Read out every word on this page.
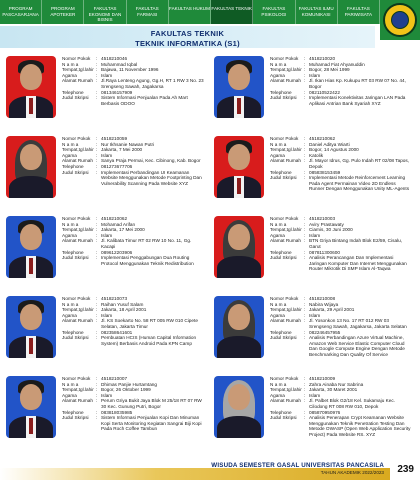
PROGRAM PASCASARJANA
PROGRAM APOTEKER
FAKULTAS EKONOMI DAN BISNIS
FAKULTAS FARMASI
FAKULTAS HUKUM FAKULTAS TEKNIK	FAKULTAS PSIKOLOGI
FAKULTAS ILMU KOMUNIKASI
FAKULTAS PARIWISATA
FAKULTAS TEKNIK
TEKNIK INFORMATIKA (S1)
Nomor Pokok	: 4518210046
N a m a	: Muhammad Iqbal
Tempat,tgl.lahir : Bajawa, 11 November 1996
Agama	: Islam
Alamat Rumah : Jl.Raya Lenteng Agung, Gg.H, RT 1 RW 3 No. 23 Srengseng Sawah, Jagakarsa
Telephone	: 081346157909
Judul Skripsi	: Sistem Informasi Penjualan Pada Ah Mart Berbasis ODOO
Nomor Pokok	: 4518210020
N a m a	: Muhamad Fiat Ahyanuddin
Tempat,tgl.lahir : Bogor, 28 Mei 1999
Agama	: Islam
Alamat Rumah : Jl. Ikan Hias Kp. Kukupu RT 03 RW 07 No. 44, Bogor
Telephone	: 082110522422
Judul Skripsi	: Implementasi Konektivitas Jaringan LAN Pada Aplikasi Antrian Bank Syariah XYZ
Nomor Pokok	: 4518210059
N a m a	: Nur Ikhsanie Nawan Putri
Tempat,tgl.lahir : Jakarta, 7 Mei 2000
Agama	: Islam
Alamat Rumah : Sanya Praja Permai, Kec. Cibinong, Kab. Bogor
Telephone	: 081273677706
Judul Skripsi	: Implementasi Perbandingan UI Keamanan Website Menggunakan Metode Footprinting Dan Vulnerability Scanning Pada Website XYZ
Nomor Pokok	: 4518210062
N a m a	: Daniel Aditya Wiarti
Tempat,tgl.lahir : Bogor, 14 Agustus 2000
Agama	: Katolik
Alamat Rumah : Jl. Mayor Idrus, Gg. Pulo Indah RT 02/08 Tapos, Depok
Telephone	: 085838153459
Judul Skripsi	: Implementasi Metode Reinforcement Learning Pada Agent Permainan Video 2D Endless Runner Dengan Menggunakan Unity ML-Agents
Nomor Pokok	: 4518210062
N a m a	: Mohamad Arifan
Tempat,tgl.lahir : Jakarta, 17 Mei 2000
Agama	: Islam
Alamat Rumah : Jl. Kalibata Timur RT 02 RW 10 No. 11, Gg. Kacapi
Telephone	: 089612203906
Judul Skripsi	: Implementasi Penggabungan Dua Routing Protocol Menggunakan Teknik Redistribution
Nomor Pokok	: 4518210003
N a m a	: Aviry Prastawaty
Tempat,tgl.lahir : Ciamis, 30 Juni 2000
Agama	: Islam
Alamat Rumah : BTN Griya Bintang Indah Blok E2/59, Cisalu, Garut
Telephone	: 087811300600
Judul Skripsi	: Analisis Perancangan Dan Implementasi Jaringan Komputer Dan Internet Menggunakan Router Mikrotik Di SMP Islam Al-Taqwa
Nomor Pokok	: 4518210073
N a m a	: Raihan Yusuf Salam
Tempat,tgl.lahir : Jakarta, 18 April 2001
Agama	: Islam
Alamat Rumah : Jl. KS Soekarto No. 58 RT 005 RW 010 Cipete Selatan, Jakarta Timur
Telephone	: 082358641601
Judul Skripsi	: Pembuatan HCIS (Human Capital Information System) Berbasis Android Pada KPN Camp
Nomor Pokok	: 4518210008
N a m a	: Nabira Wijaya
Tempat,tgl.lahir : Jakarta, 29 April 2001
Agama	: Islam
Alamat Rumah : Jl. Yosonkon 13 No. 17 RT 012 RW 03 Srengseng Sawah, Jagakarsa, Jakarta Selatan
Telephone	: 082246457955
Judul Skripsi	: Analisis Perbandingan Azure Virtual Machine, Amazon Web Service Elastic Computer Cloud Dan Google Compute Engine Dengan Metode Benchmarking Dan Quality Of Service
Nomor Pokok	: 4518210007
N a m a	: Dhimas Panjie Hurtamtang
Tempat,tgl.lahir : Bogor, 26 Oktober 1999
Agama	: Islam
Alamat Rumah : Perum Griya Bukit Jaya Blok M 25/18 RT 07 RW 30 Kec. Gunung Putri, Bogor
Telephone	: 083818035985
Judul Skripsi	: Sistem Informasi Penjualan Kopi Dan Minuman Kopi Serta Monitoring Kegiatan Sangrai Biji Kopi Pada Roch Coffee Tambun
Nomor Pokok	: 4518210009
N a m a	: Zahra Ainaba Nur Sabrina
Tempat,tgl.lahir : Jakarta, 30 Maret 2001
Agama	: Islam
Alamat Rumah : Jl. Palbet Blok G2/18 Kel. Sukamaju Kec. Cilodong RT 008 RW 010, Depok
Telephone	: 085870950976
Judul Skripsi	: Analisis Penerapan Crypt Keamanan Website Menggunakan Teknik Penetration Testing Dan Metode OWASP (Open Web Application Security Project) Pada Website RS. XYZ
WISUDA SEMESTER GASAL UNIVERSITAS PANCASILA
TAHUN AKADEMIK 2022/2023 239
